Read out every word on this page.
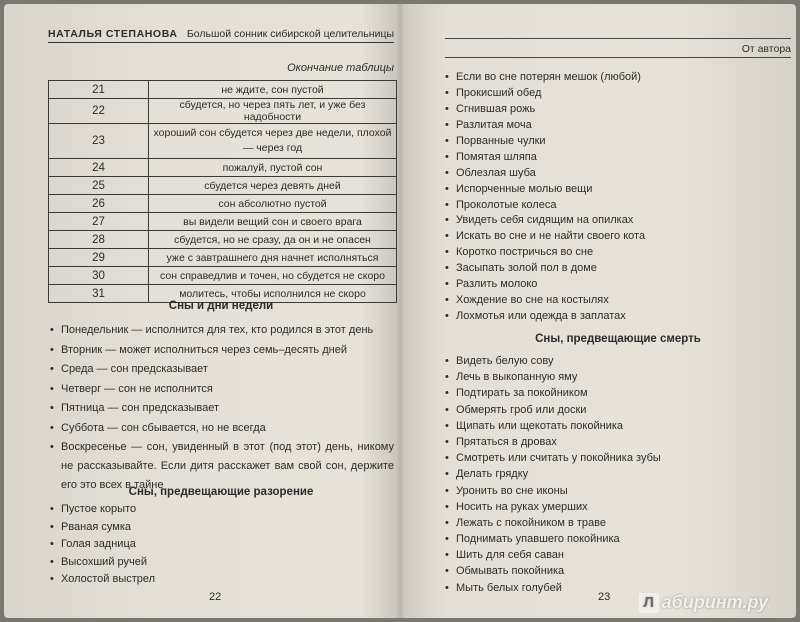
НАТАЛЬЯ СТЕПАНОВА Большой сонник сибирской целительницы
Окончание таблицы
21	не ждите, сон пустой
22	сбудется, но через пять лет, и уже без надобности
23	хороший сон сбудется через две недели, плохой — через год
24	пожалуй, пустой сон
25	сбудется через девять дней
26	сон абсолютно пустой
27	вы видели вещий сон и своего врага
28	сбудется, но не сразу, да он и не опасен
29	уже с завтрашнего дня начнет исполняться
30	сон справедлив и точен, но сбудется не скоро
31	молитесь, чтобы исполнился не скоро
Сны и дни недели
• Понедельник — исполнится для тех, кто родился в этот день
• Вторник — может исполниться через семь–десять дней
• Среда — сон предсказывает
• Четверг — сон не исполнится
• Пятница — сон предсказывает
• Суббота — сон сбывается, но не всегда
• Воскресенье — сон, увиденный в этот (под этот) день, никому не рассказывайте. Если дитя расскажет вам свой сон, держите его это всех в тайне
Сны, предвещающие разорение
• Пустое корыто
• Рваная сумка
• Голая задница
• Высохший ручей
• Холостой выстрел
22
От автора
• Если во сне потерян мешок (любой)
• Прокисший обед
• Сгнившая рожь
• Разлитая моча
• Порванные чулки
• Помятая шляпа
• Облезлая шуба
• Испорченные молью вещи
• Проколотые колеса
• Увидеть себя сидящим на опилках
• Искать во сне и не найти своего кота
• Коротко постричься во сне
• Засыпать золой пол в доме
• Разлить молоко
• Хождение во сне на костылях
• Лохмотья или одежда в заплатах
Сны, предвещающие смерть
• Видеть белую сову
• Лечь в выкопанную яму
• Подтирать за покойником
• Обмерять гроб или доски
• Щипать или щекотать покойника
• Прятаться в дровах
• Смотреть или считать у покойника зубы
• Делать грядку
• Уронить во сне иконы
• Носить на руках умерших
• Лежать с покойником в траве
• Поднимать упавшего покойника
• Шить для себя саван
• Обмывать покойника
• Мыть белых голубей
23	Л абиринт.ру
